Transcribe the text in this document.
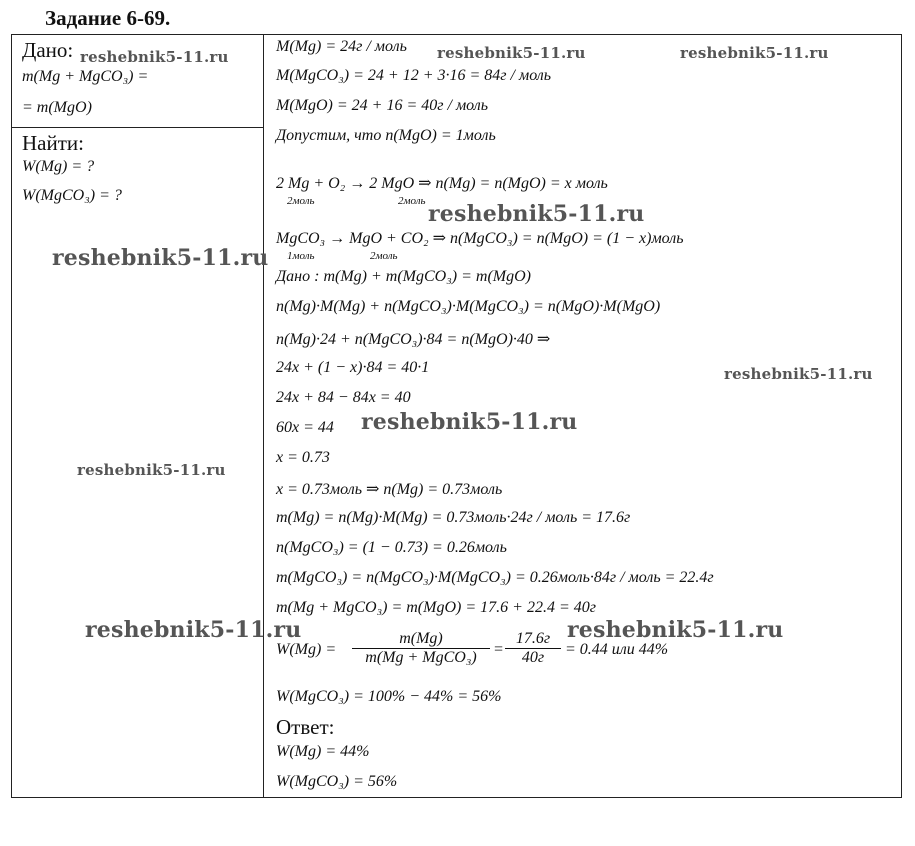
Задание 6-69.
Дано:
m(Mg + MgCO₃) =
= m(MgO)
Найти:
W(Mg) = ?
W(MgCO₃) = ?
M(Mg) = 24г / моль
M(MgCO₃) = 24 + 12 + 3·16 = 84г / моль
M(MgO) = 24 + 16 = 40г / моль
Допустим, что n(MgO) = 1моль
2 Mg + O₂ → 2 MgO ⇒ n(Mg) = n(MgO) = x моль
2моль	2моль
MgCO₃ → MgO + CO₂ ⇒ n(MgCO₃) = n(MgO) = (1 − x)моль
1моль	2моль
Дано : m(Mg) + m(MgCO₃) = m(MgO)
n(Mg)·M(Mg) + n(MgCO₃)·M(MgCO₃) = n(MgO)·M(MgO)
n(Mg)·24 + n(MgCO₃)·84 = n(MgO)·40 ⇒
24x + (1 − x)·84 = 40·1
24x + 84 − 84x = 40
60x = 44
x = 0.73
x = 0.73моль ⇒ n(Mg) = 0.73моль
m(Mg) = n(Mg)·M(Mg) = 0.73моль·24г / моль = 17.6г
n(MgCO₃) = (1 − 0.73) = 0.26моль
m(MgCO₃) = n(MgCO₃)·M(MgCO₃) = 0.26моль·84г / моль = 22.4г
m(Mg + MgCO₃) = m(MgO) = 17.6 + 22.4 = 40г
W(Mg) =
m(Mg)
m(Mg + MgCO₃)	=
17.6г
40г	= 0.44 или 44%
W(MgCO₃) = 100% − 44% = 56%
Ответ:
W(Mg) = 44%
W(MgCO₃) = 56%
reshebnik5-11.ru	reshebnik5-11.ru	reshebnik5-11.ru
reshebnik5-11.ru
reshebnik5-11.ru
reshebnik5-11.ru
reshebnik5-11.ru
reshebnik5-11.ru
reshebnik5-11.ru	reshebnik5-11.ru
